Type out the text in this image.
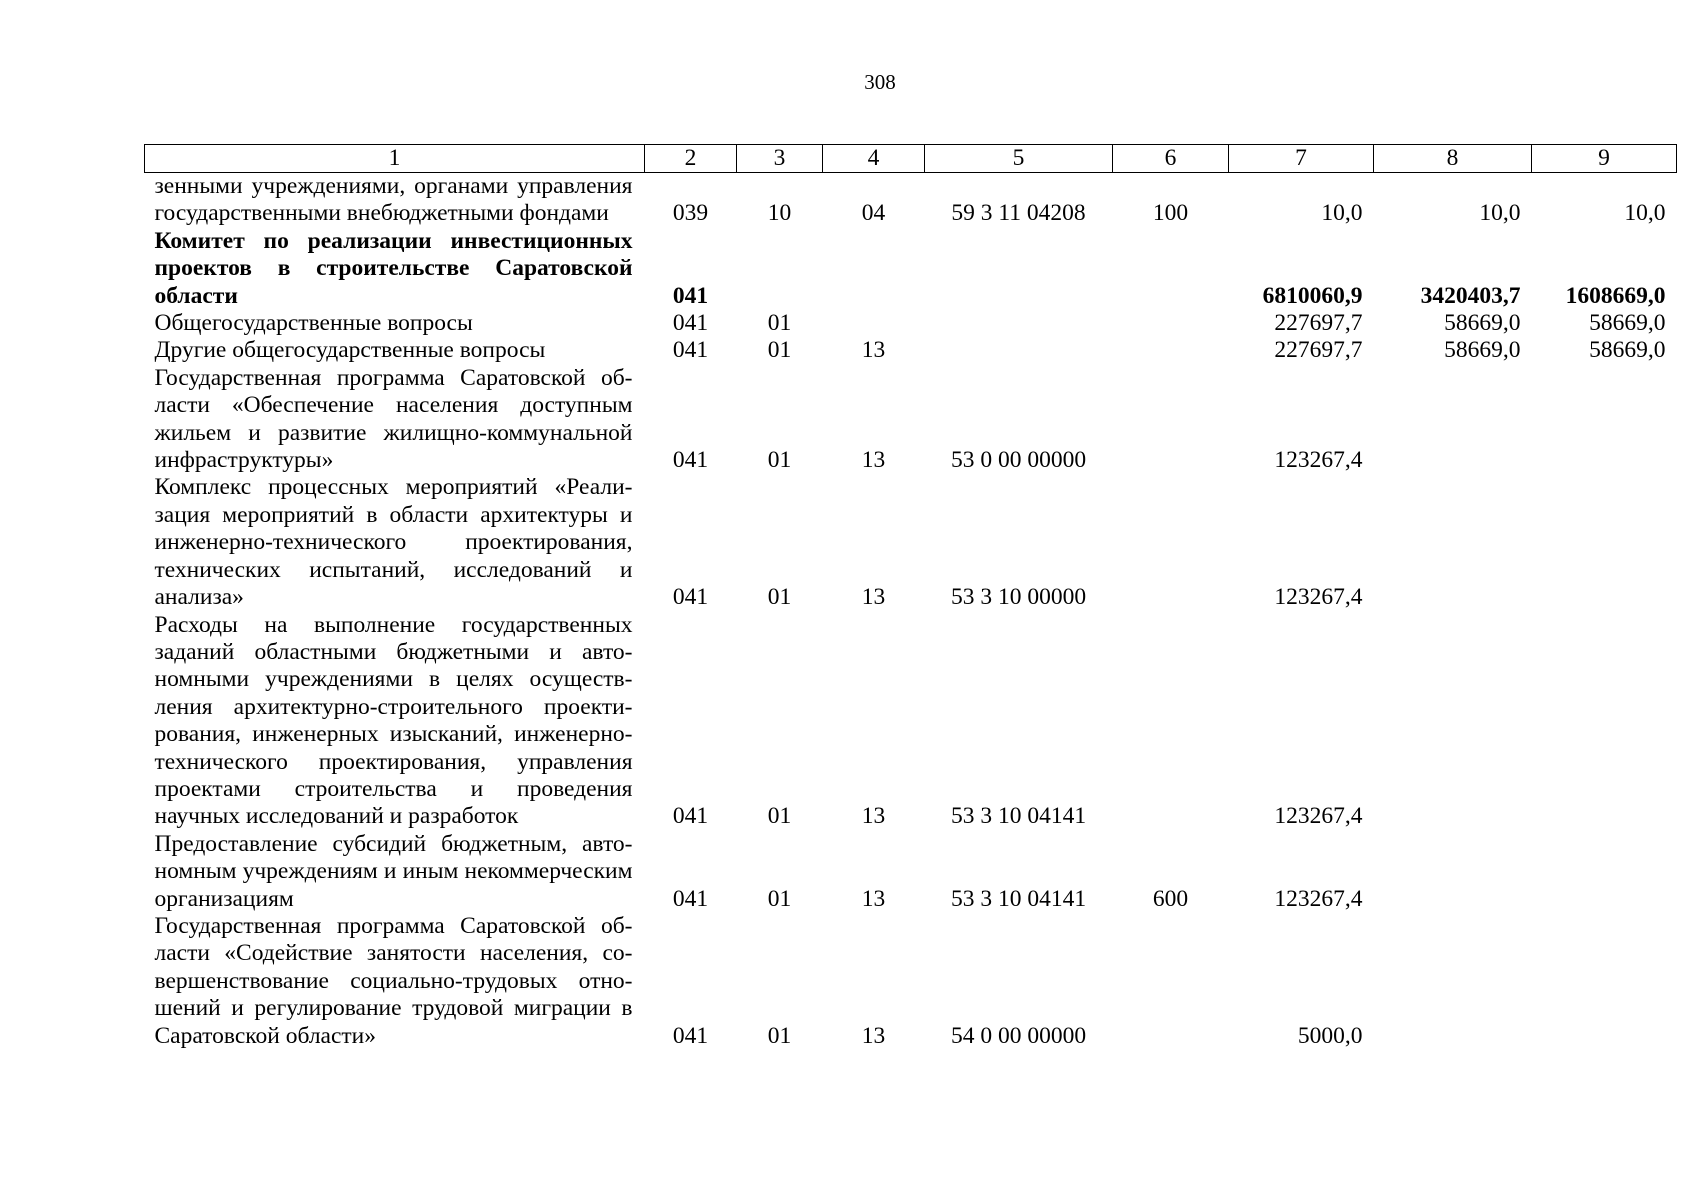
308
1	2	3	4	5	6	7	8	9
зенными учреждениями, органами управления государственными внебюджетными фондами	039	10	04	59 3 11 04208	100	10,0	10,0	10,0
Комитет по реализации инвестиционных проектов в строительстве Саратовской области	041					6810060,9	3420403,7	1608669,0
Общегосударственные вопросы	041	01				227697,7	58669,0	58669,0
Другие общегосударственные вопросы	041	01	13			227697,7	58669,0	58669,0
Государственная программа Саратовской области «Обеспечение населения доступным жильем и развитие жилищно-коммунальной инфраструктуры»	041	01	13	53 0 00 00000		123267,4		
Комплекс процессных мероприятий «Реализация мероприятий в области архитектуры и инженерно-технического проектирования, технических испытаний, исследований и анализа»	041	01	13	53 3 10 00000		123267,4		
Расходы на выполнение государственных заданий областными бюджетными и автономными учреждениями в целях осуществления архитектурно-строительного проектирования, инженерных изысканий, инженерно-технического проектирования, управления проектами строительства и проведения научных исследований и разработок	041	01	13	53 3 10 04141		123267,4		
Предоставление субсидий бюджетным, автономным учреждениям и иным некоммерческим организациям	041	01	13	53 3 10 04141	600	123267,4		
Государственная программа Саратовской области «Содействие занятости населения, совершенствование социально-трудовых отношений и регулирование трудовой миграции в Саратовской области»	041	01	13	54 0 00 00000		5000,0		
